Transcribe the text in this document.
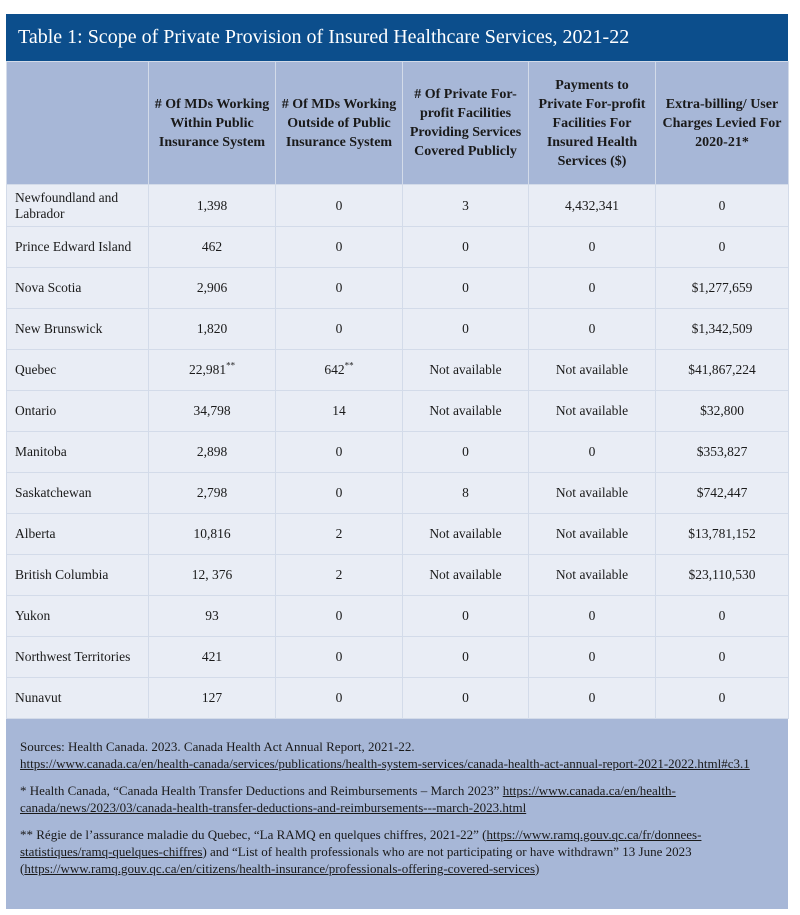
Table 1: Scope of Private Provision of Insured Healthcare Services, 2021-22
	# Of MDs Working Within Public Insurance System	# Of MDs Working Outside of Public Insurance System	# Of Private For-profit Facilities Providing Services Covered Publicly	Payments to Private For-profit Facilities For Insured Health Services ($)	Extra-billing/ User Charges Levied For 2020-21*
Newfoundland and Labrador	1,398	0	3	4,432,341	0
Prince Edward Island	462	0	0	0	0
Nova Scotia	2,906	0	0	0	$1,277,659
New Brunswick	1,820	0	0	0	$1,342,509
Quebec	22,981**	642**	Not available	Not available	$41,867,224
Ontario	34,798	14	Not available	Not available	$32,800
Manitoba	2,898	0	0	0	$353,827
Saskatchewan	2,798	0	8	Not available	$742,447
Alberta	10,816	2	Not available	Not available	$13,781,152
British Columbia	12, 376	2	Not available	Not available	$23,110,530
Yukon	93	0	0	0	0
Northwest Territories	421	0	0	0	0
Nunavut	127	0	0	0	0

Sources: Health Canada. 2023. Canada Health Act Annual Report, 2021-22.
https://www.canada.ca/en/health-canada/services/publications/health-system-services/canada-health-act-annual-report-2021-2022.html#c3.1

* Health Canada, “Canada Health Transfer Deductions and Reimbursements – March 2023” https://www.canada.ca/en/health-canada/news/2023/03/canada-health-transfer-deductions-and-reimbursements---march-2023.html

** Régie de l’assurance maladie du Quebec, “La RAMQ en quelques chiffres, 2021-22” (https://www.ramq.gouv.qc.ca/fr/donnees-statistiques/ramq-quelques-chiffres) and “List of health professionals who are not participating or have withdrawn” 13 June 2023 (https://www.ramq.gouv.qc.ca/en/citizens/health-insurance/professionals-offering-covered-services)
